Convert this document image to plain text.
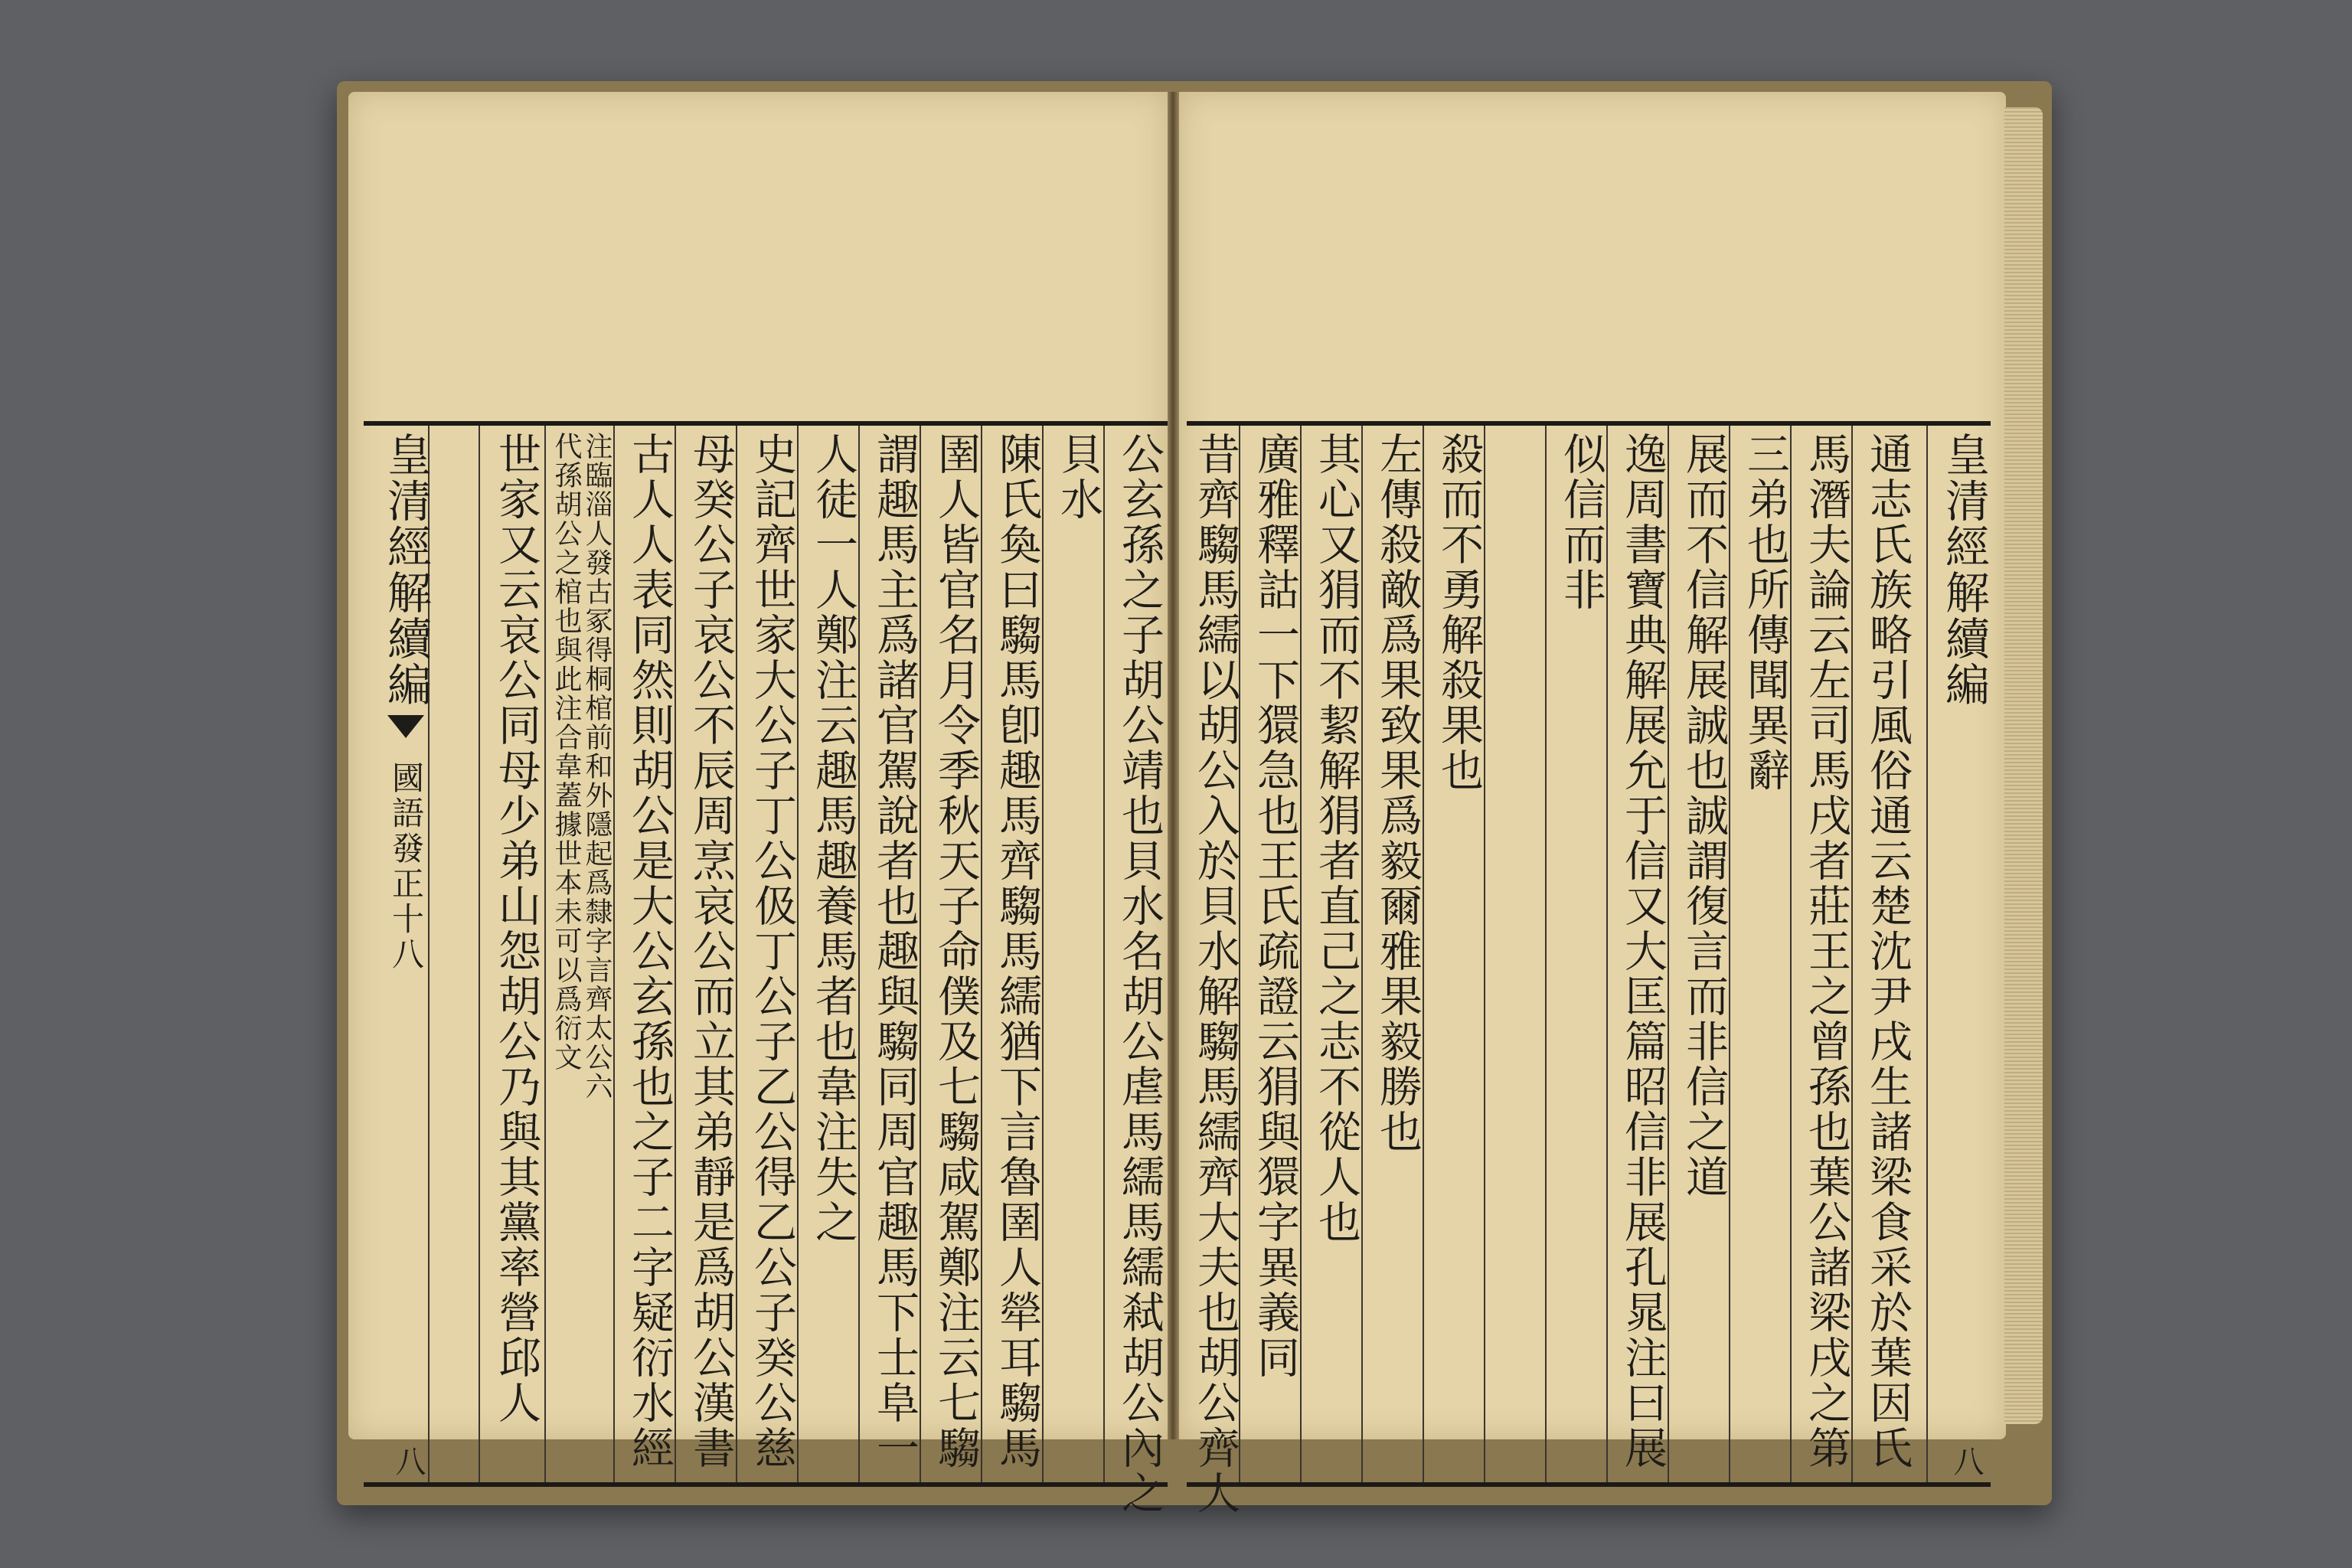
皇清經解續編國語發正十八
八	公玄孫之子胡公靖也貝水名胡公虐馬繻馬繻弒胡公內之
貝水
陳氏奐曰騶馬卽趣馬齊騶馬繻猶下言魯圉人犖耳騶馬
圉人皆官名月令季秋天子命僕及七騶咸駕鄭注云七騶
謂趣馬主爲諸官駕說者也趣與騶同周官趣馬下士阜一
人徒一人鄭注云趣馬趣養馬者也韋注失之
史記齊世家大公子丁公伋丁公子乙公得乙公子癸公慈
母癸公子哀公不辰周烹哀公而立其弟靜是爲胡公漢書
古人人表同然則胡公是大公玄孫也之子二字疑衍水經
注臨淄人發古冢得桐棺前和外隱起爲隸字言齊太公六
代孫胡公之棺也與此注合韋蓋據世本未可以爲衍文
世家又云哀公同母少弟山怨胡公乃與其黨率營邱人	皇清經解續編
八
通志氏族略引風俗通云楚沈尹戌生諸梁食采於葉因氏
馬潛夫論云左司馬戌者莊王之曾孫也葉公諸梁戌之第
三弟也所傳聞異辭
展而不信解展誠也誠謂復言而非信之道
逸周書寶典解展允于信又大匡篇昭信非展孔晁注曰展
似信而非
殺而不勇解殺果也
左傳殺敵爲果致果爲毅爾雅果毅勝也
其心又狷而不絜解狷者直己之志不從人也
廣雅釋詁一下獧急也王氏疏證云狷與獧字異義同
昔齊騶馬繻以胡公入於貝水解騶馬繻齊大夫也胡公齊大
